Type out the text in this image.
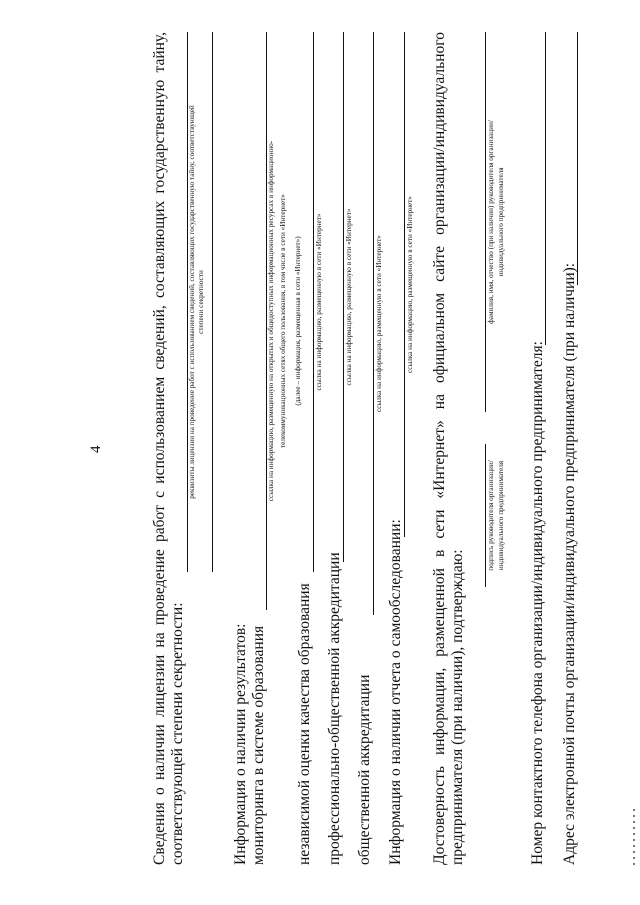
4	Сведения о наличии лицензии на проведение работ с использованием сведений, составляющих государственную тайну, соответствующей степени секретности:
реквизиты лицензии на проведение работ с использованием сведений, составляющих государственную тайну, соответствующей степени секретности
Информация о наличии результатов: мониторинга в системе образования
ссылка на информацию, размещенную на открытых и общедоступных информационных ресурсах в информационно- телекоммуникационных сетях общего пользования, в том числе в сети «Интернет» (далее – информация, размещенная в сети «Интернет»)
независимой оценки качества образования
ссылка на информацию, размещенную в сети «Интернет»
профессионально-общественной аккредитации
ссылка на информацию, размещенную в сети «Интернет»
общественной аккредитации
ссылка на информацию, размещенную в сети «Интернет»
Информация о наличии отчета о самообследовании:
ссылка на информацию, размещенную в сети «Интернет» Достоверность информации, размещенной в сети «Интернет» на официальном сайте организации/индивидуального предпринимателя (при наличии), подтверждаю:
подпись руководителя организации/ индивидуального предпринимателя
фамилия, имя, отчество (при наличии) руководителя организации/ индивидуального предпринимателя
Номер контактного телефона организации/индивидуального предпринимателя: Адрес электронной почты организации/индивидуального предпринимателя (при наличии):
